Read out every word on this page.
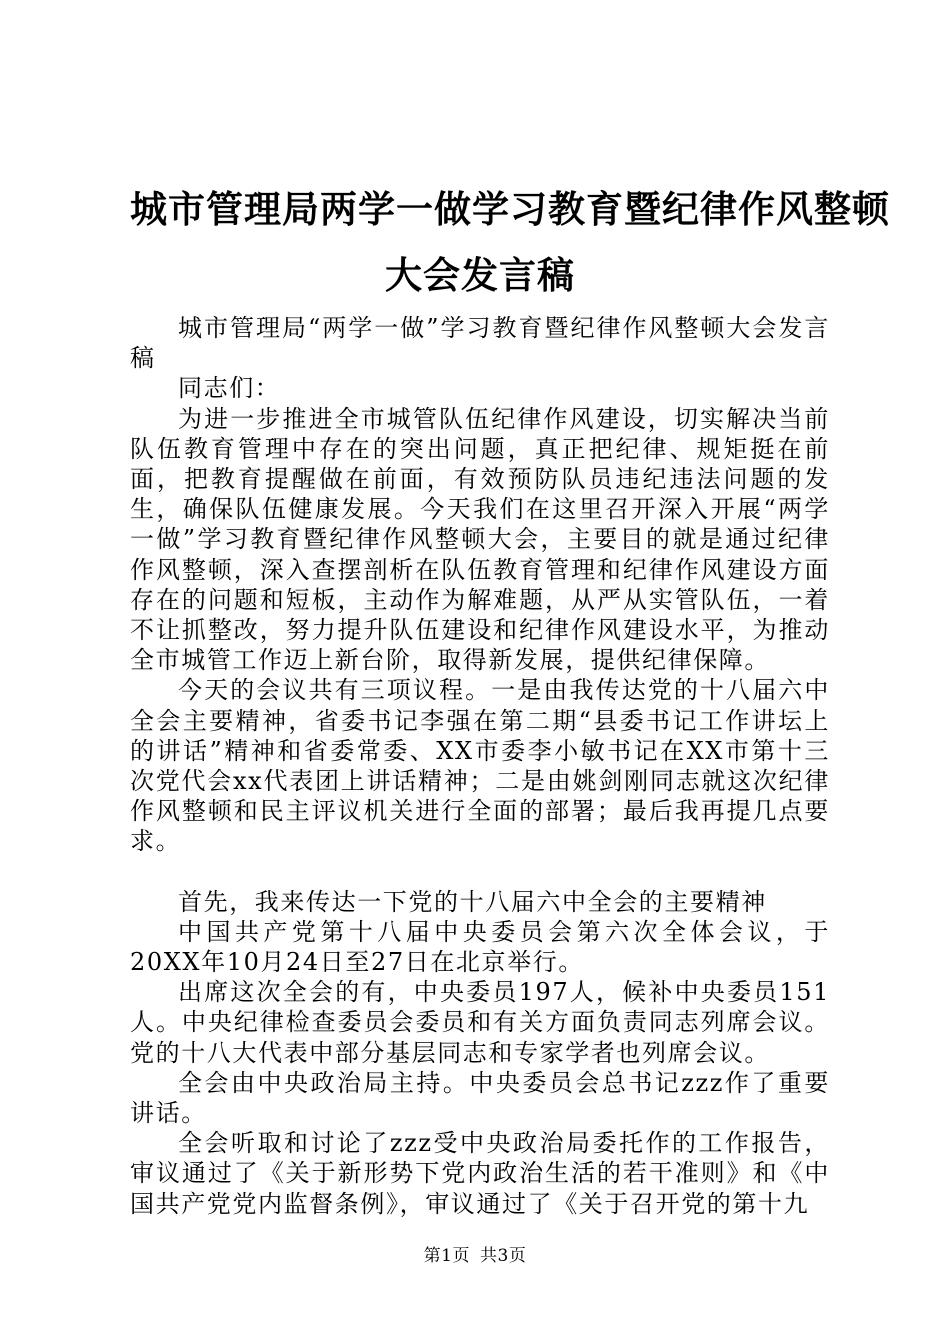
城市管理局两学一做学习教育暨纪律作风整顿
大会发言稿

城市管理局“两学一做”学习教育暨纪律作风整顿大会发言稿

同志们：

为进一步推进全市城管队伍纪律作风建设，切实解决当前队伍教育管理中存在的突出问题，真正把纪律、规矩挺在前面，把教育提醒做在前面，有效预防队员违纪违法问题的发生，确保队伍健康发展。今天我们在这里召开深入开展“两学一做”学习教育暨纪律作风整顿大会，主要目的就是通过纪律作风整顿，深入查摆剖析在队伍教育管理和纪律作风建设方面存在的问题和短板，主动作为解难题，从严从实管队伍，一着不让抓整改，努力提升队伍建设和纪律作风建设水平，为推动全市城管工作迈上新台阶，取得新发展，提供纪律保障。

今天的会议共有三项议程。一是由我传达党的十八届六中全会主要精神，省委书记李强在第二期“县委书记工作讲坛上的讲话”精神和省委常委、XX市委李小敏书记在XX市第十三次党代会xx代表团上讲话精神；二是由姚剑刚同志就这次纪律作风整顿和民主评议机关进行全面的部署；最后我再提几点要求。

首先，我来传达一下党的十八届六中全会的主要精神

中国共产党第十八届中央委员会第六次全体会议，于20XX年10月24日至27日在北京举行。

出席这次全会的有，中央委员197人，候补中央委员151人。中央纪律检查委员会委员和有关方面负责同志列席会议。党的十八大代表中部分基层同志和专家学者也列席会议。

全会由中央政治局主持。中央委员会总书记zzz作了重要讲话。

全会听取和讨论了zzz受中央政治局委托作的工作报告，审议通过了《关于新形势下党内政治生活的若干准则》和《中国共产党党内监督条例》，审议通过了《关于召开党的第十九

第1页 共3页
